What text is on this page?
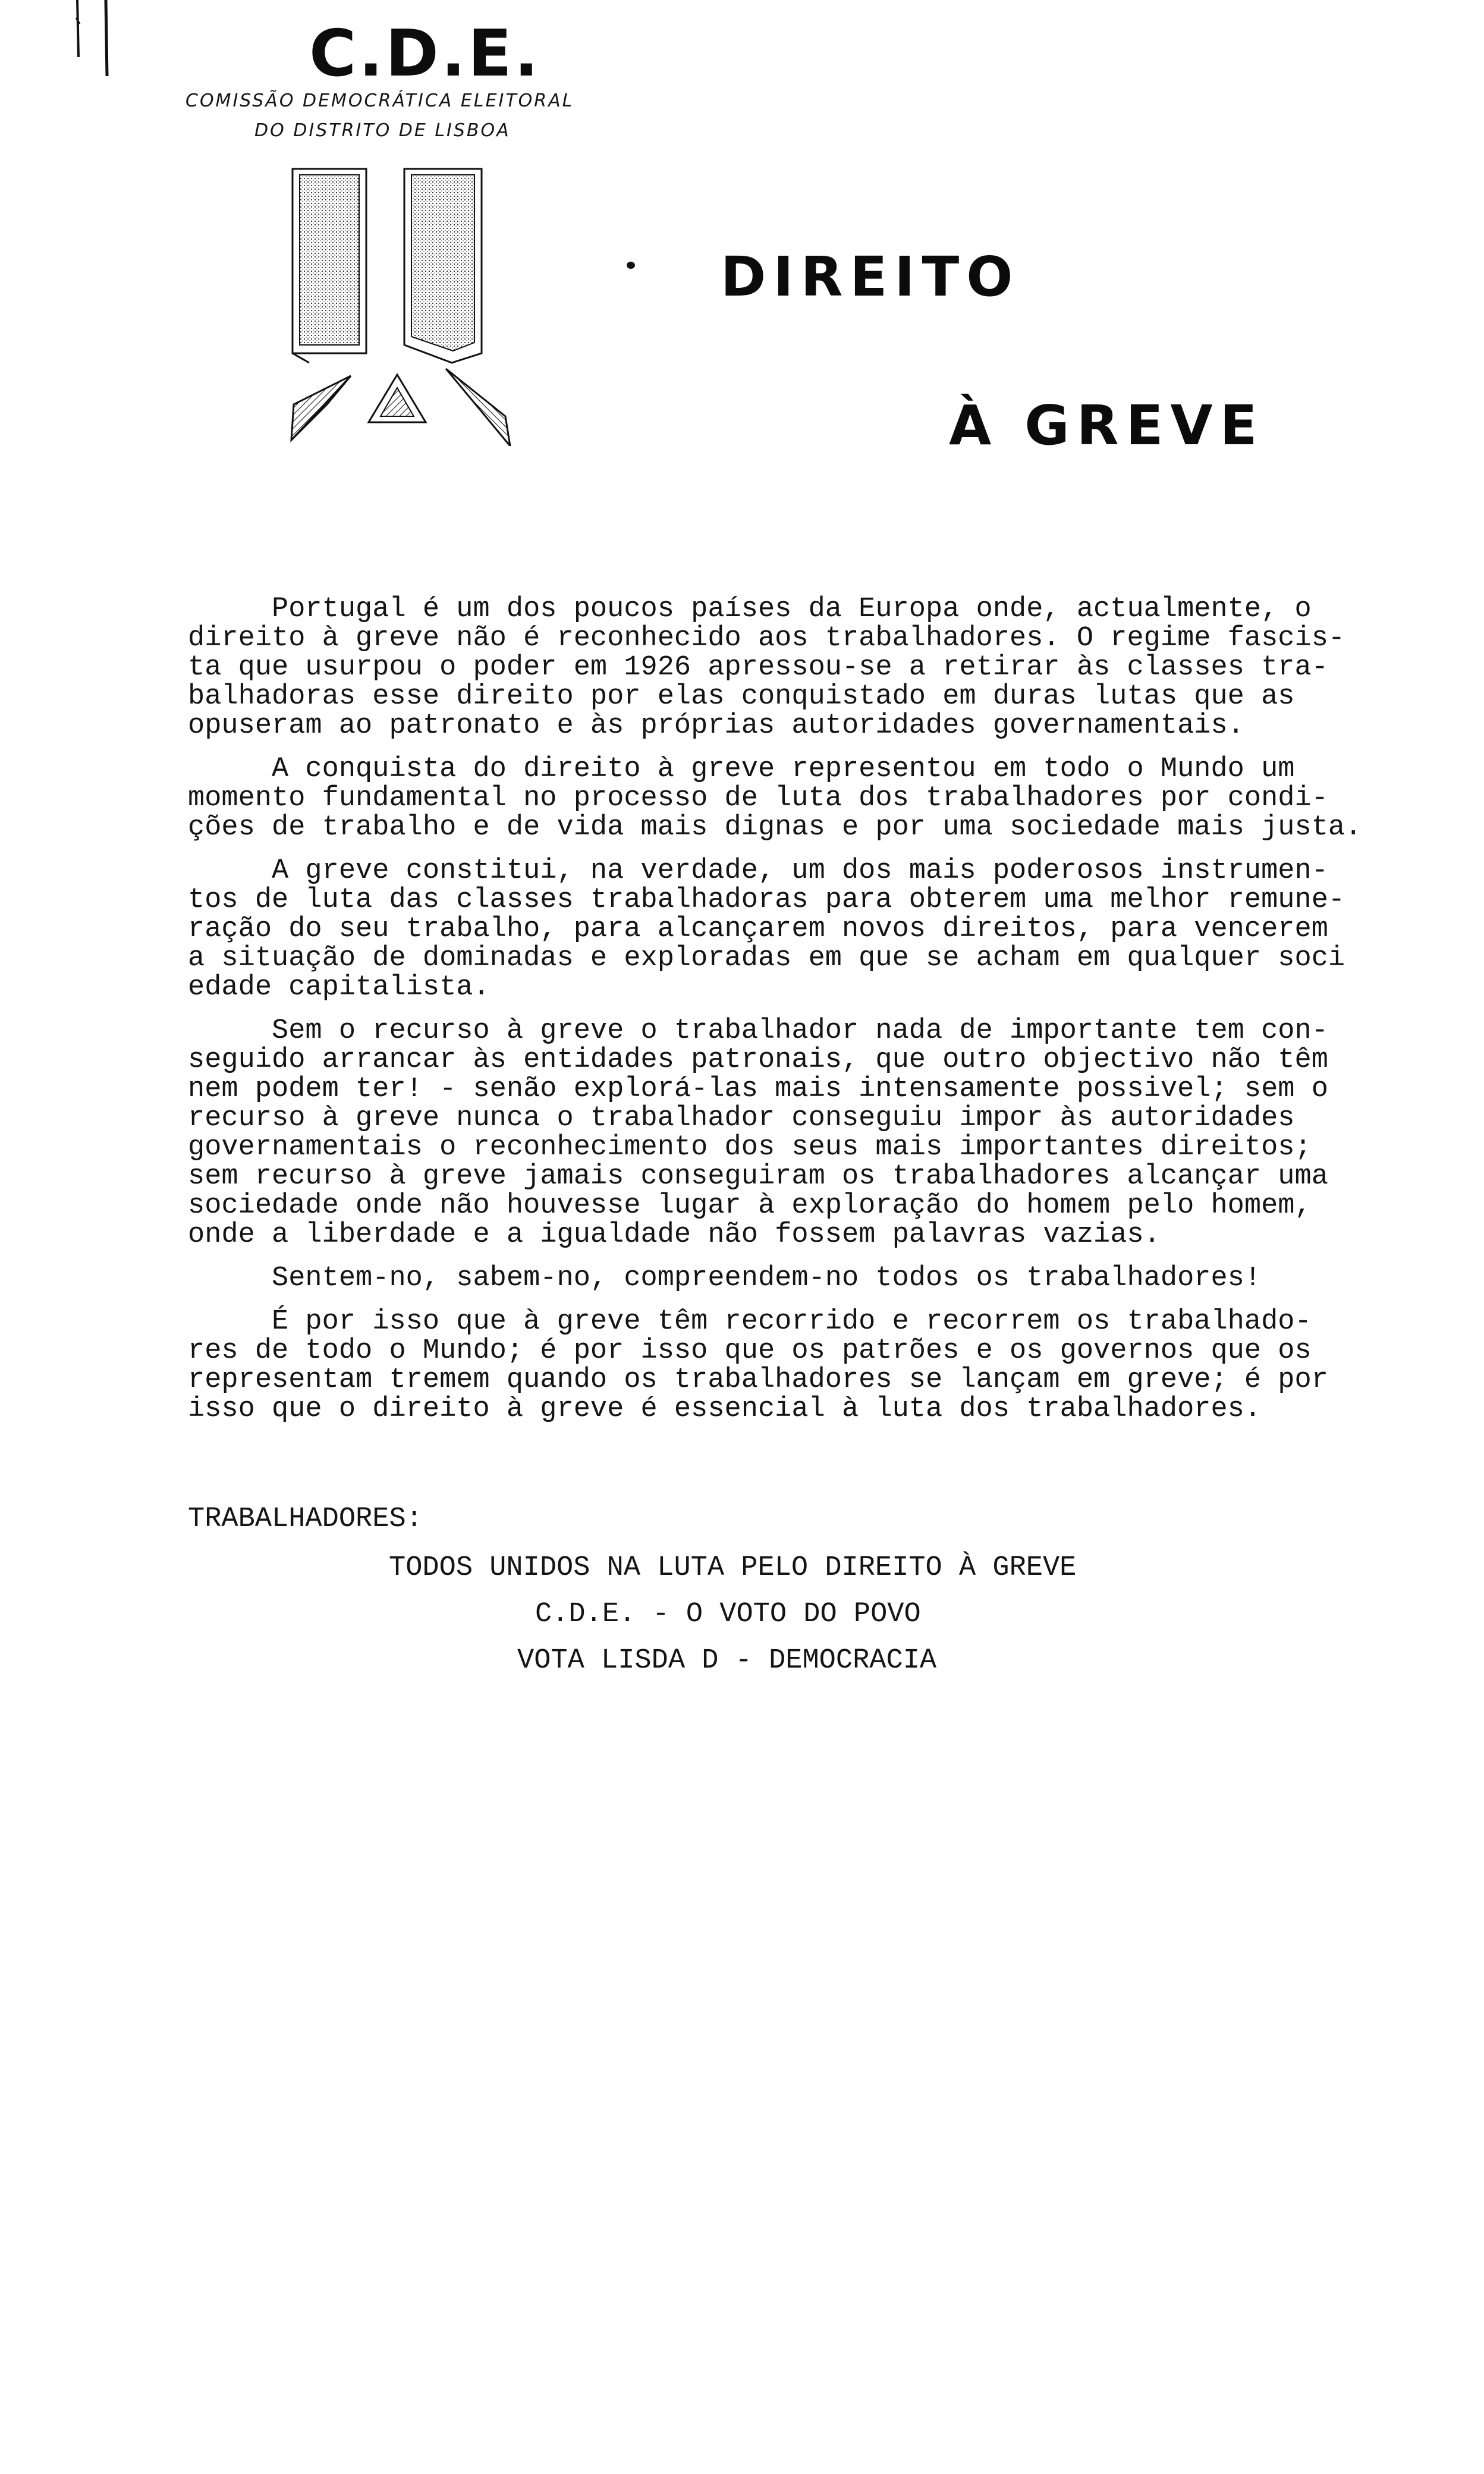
C.D.E.
COMISSÃO DEMOCRÁTICA ELEITORAL
DO DISTRITO DE LISBOA
DIREITO
À GREVE

Portugal é um dos poucos países da Europa onde, actualmente, o
direito à greve não é reconhecido aos trabalhadores. O regime fascis-
ta que usurpou o poder em 1926 apressou-se a retirar às classes tra-
balhadoras esse direito por elas conquistado em duras lutas que as
opuseram ao patronato e às próprias autoridades governamentais.

A conquista do direito à greve representou em todo o Mundo um
momento fundamental no processo de luta dos trabalhadores por condi-
ções de trabalho e de vida mais dignas e por uma sociedade mais justa.

A greve constitui, na verdade, um dos mais poderosos instrumen-
tos de luta das classes trabalhadoras para obterem uma melhor remune-
ração do seu trabalho, para alcançarem novos direitos, para vencerem
a situação de dominadas e exploradas em que se acham em qualquer soci
edade capitalista.

Sem o recurso à greve o trabalhador nada de importante tem con-
seguido arrancar às entidades patronais, que outro objectivo não têm
nem podem ter! - senão explorá-las mais intensamente possivel; sem o
recurso à greve nunca o trabalhador conseguiu impor às autoridades
governamentais o reconhecimento dos seus mais importantes direitos;
sem recurso à greve jamais conseguiram os trabalhadores alcançar uma
sociedade onde não houvesse lugar à exploração do homem pelo homem,
onde a liberdade e a igualdade não fossem palavras vazias.

Sentem-no, sabem-no, compreendem-no todos os trabalhadores!

É por isso que à greve têm recorrido e recorrem os trabalhado-
res de todo o Mundo; é por isso que os patrões e os governos que os
representam tremem quando os trabalhadores se lançam em greve; é por
isso que o direito à greve é essencial à luta dos trabalhadores.

TRABALHADORES:
TODOS UNIDOS NA LUTA PELO DIREITO À GREVE
C.D.E. - O VOTO DO POVO
VOTA LISDA D - DEMOCRACIA
